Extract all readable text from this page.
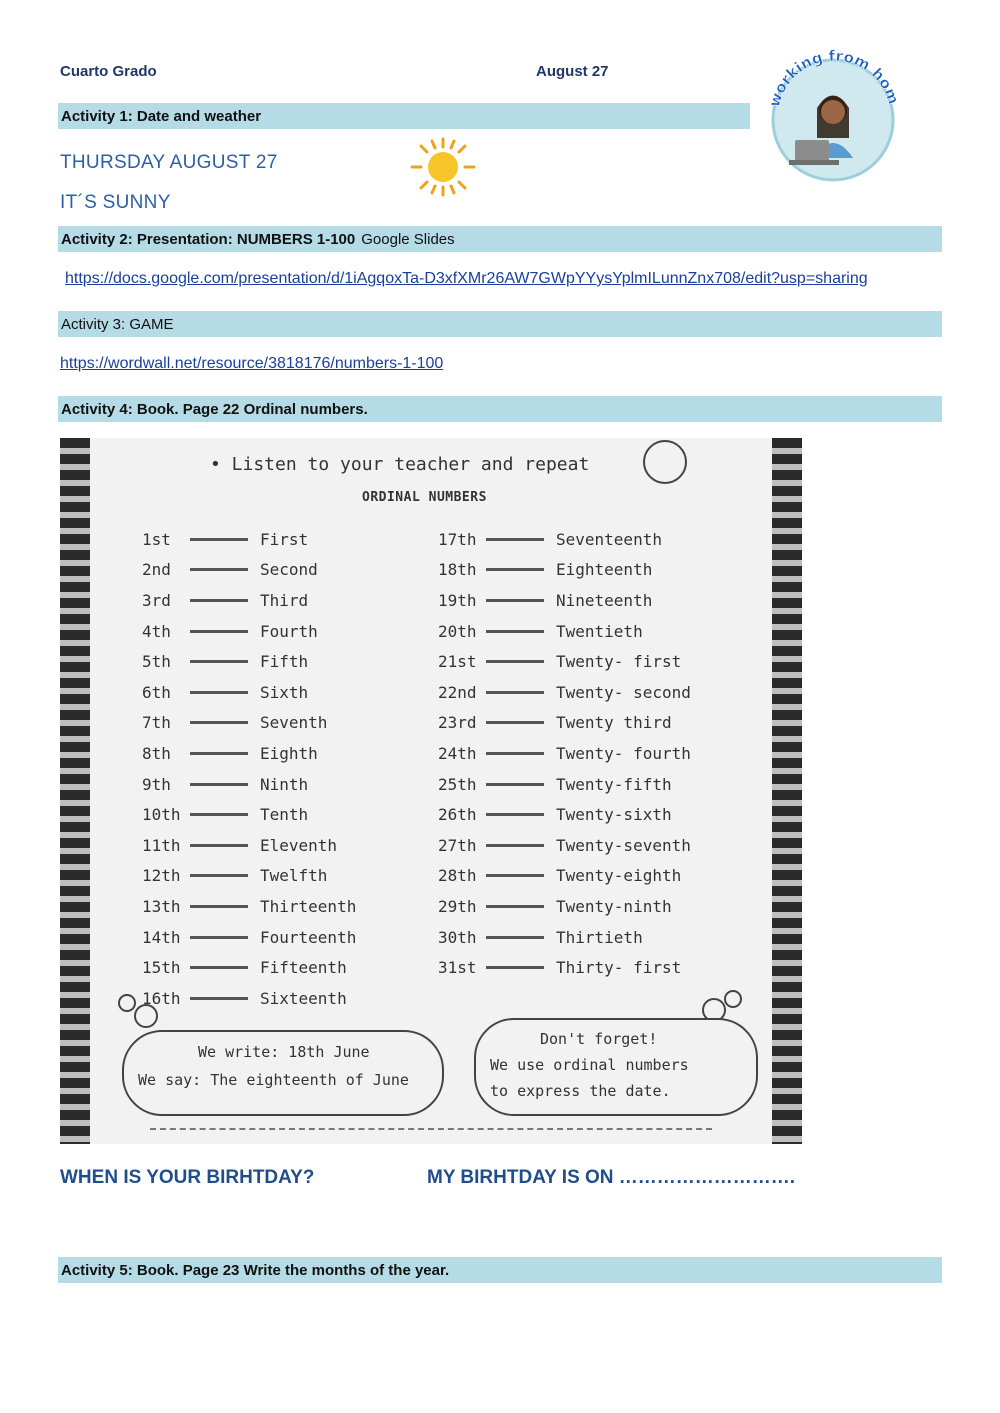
Cuarto Grado	August 27
working from ho
Activity 1: Date and weather
THURSDAY AUGUST 27
IT´S SUNNY
Activity 2: Presentation: NUMBERS 1-100 Google Slides
https://docs.google.com/presentation/d/1iAgqoxTa-D3xfXMr26AW7GWpYYysYplmILunnZnx708/edit?usp=sharing
Activity 3: GAME
https://wordwall.net/resource/3818176/numbers-1-100
Activity 4: Book. Page 22 Ordinal numbers.
• Listen to your teacher and repeat
ORDINAL NUMBERS
1st	First
2nd	Second
3rd	Third
4th	Fourth
5th	Fifth
6th	Sixth
7th	Seventh
8th	Eighth
9th	Ninth
10th	Tenth
11th	Eleventh
12th	Twelfth
13th	Thirteenth
14th	Fourteenth
15th	Fifteenth
16th	Sixteenth
17th	Seventeenth
18th	Eighteenth
19th	Nineteenth
20th	Twentieth
21st	Twenty- first
22nd	Twenty- second
23rd	Twenty third
24th	Twenty- fourth
25th	Twenty-fifth
26th	Twenty-sixth
27th	Twenty-seventh
28th	Twenty-eighth
29th	Twenty-ninth
30th	Thirtieth
31st	Thirty- first
We write: 18th June
We say: The eighteenth of June
Don't forget!
We use ordinal numbers
to express the date.
WHEN IS YOUR BIRHTDAY?	MY BIRHTDAY IS ON ……………………….
Activity 5: Book. Page 23 Write the months of the year.
